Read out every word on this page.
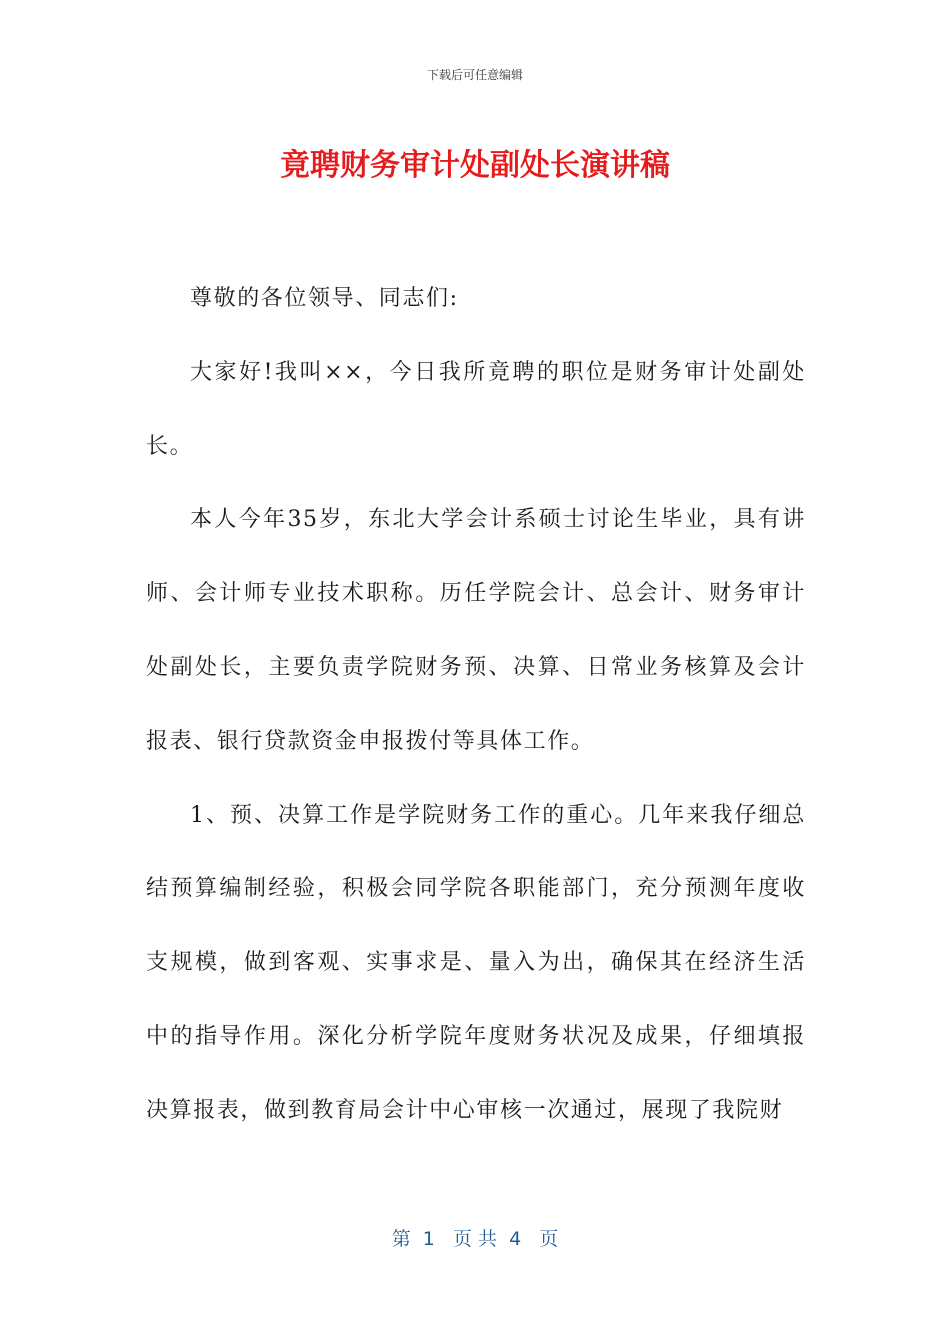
下载后可任意编辑
竟聘财务审计处副处长演讲稿

尊敬的各位领导、同志们:

大家好!我叫××，今日我所竟聘的职位是财务审计处副处长。

本人今年35岁，东北大学会计系硕士讨论生毕业，具有讲师、会计师专业技术职称。历任学院会计、总会计、财务审计处副处长，主要负责学院财务预、决算、日常业务核算及会计报表、银行贷款资金申报拨付等具体工作。

1、预、决算工作是学院财务工作的重心。几年来我仔细总结预算编制经验，积极会同学院各职能部门，充分预测年度收支规模，做到客观、实事求是、量入为出，确保其在经济生活中的指导作用。深化分析学院年度财务状况及成果，仔细填报决算报表，做到教育局会计中心审核一次通过，展现了我院财

第  1   页 共  4   页
